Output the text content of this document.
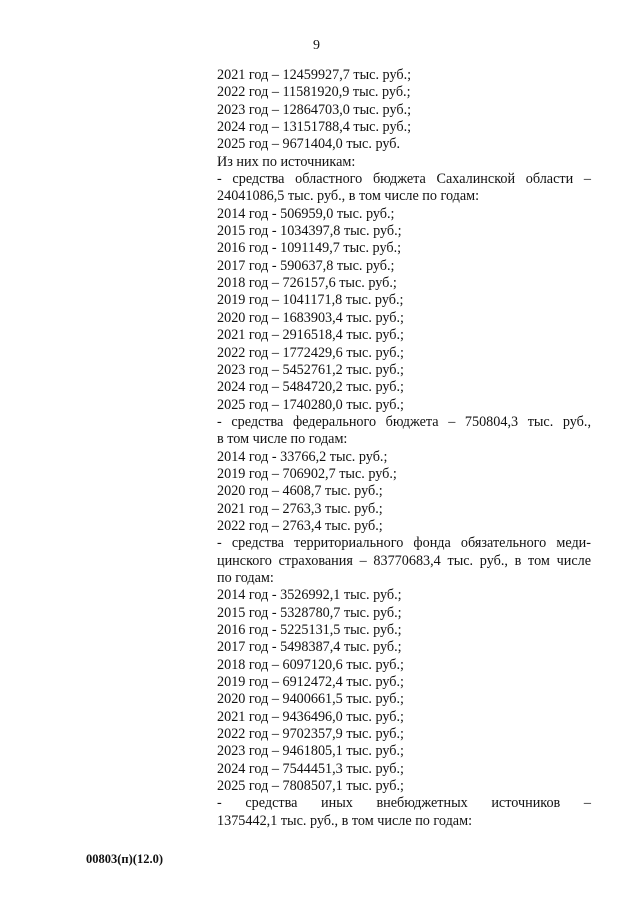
9
2021 год – 12459927,7 тыс. руб.;
2022 год – 11581920,9 тыс. руб.;
2023 год – 12864703,0 тыс. руб.;
2024 год – 13151788,4 тыс. руб.;
2025 год – 9671404,0 тыс. руб.
Из них по источникам:
- средства областного бюджета Сахалинской области –
24041086,5 тыс. руб., в том числе по годам:
2014 год - 506959,0 тыс. руб.;
2015 год - 1034397,8 тыс. руб.;
2016 год - 1091149,7 тыс. руб.;
2017 год - 590637,8 тыс. руб.;
2018 год – 726157,6 тыс. руб.;
2019 год – 1041171,8 тыс. руб.;
2020 год – 1683903,4 тыс. руб.;
2021 год – 2916518,4 тыс. руб.;
2022 год – 1772429,6 тыс. руб.;
2023 год – 5452761,2 тыс. руб.;
2024 год – 5484720,2 тыс. руб.;
2025 год – 1740280,0 тыс. руб.;
- средства федерального бюджета – 750804,3 тыс. руб.,
в том числе по годам:
2014 год - 33766,2 тыс. руб.;
2019 год – 706902,7 тыс. руб.;
2020 год – 4608,7 тыс. руб.;
2021 год – 2763,3 тыс. руб.;
2022 год – 2763,4 тыс. руб.;
- средства территориального фонда обязательного меди-
цинского страхования – 83770683,4 тыс. руб., в том числе
по годам:
2014 год - 3526992,1 тыс. руб.;
2015 год - 5328780,7 тыс. руб.;
2016 год - 5225131,5 тыс. руб.;
2017 год - 5498387,4 тыс. руб.;
2018 год – 6097120,6 тыс. руб.;
2019 год – 6912472,4 тыс. руб.;
2020 год – 9400661,5 тыс. руб.;
2021 год – 9436496,0 тыс. руб.;
2022 год – 9702357,9 тыс. руб.;
2023 год – 9461805,1 тыс. руб.;
2024 год – 7544451,3 тыс. руб.;
2025 год – 7808507,1 тыс. руб.;
- средства иных внебюджетных источников –
1375442,1 тыс. руб., в том числе по годам:
00803(п)(12.0)
